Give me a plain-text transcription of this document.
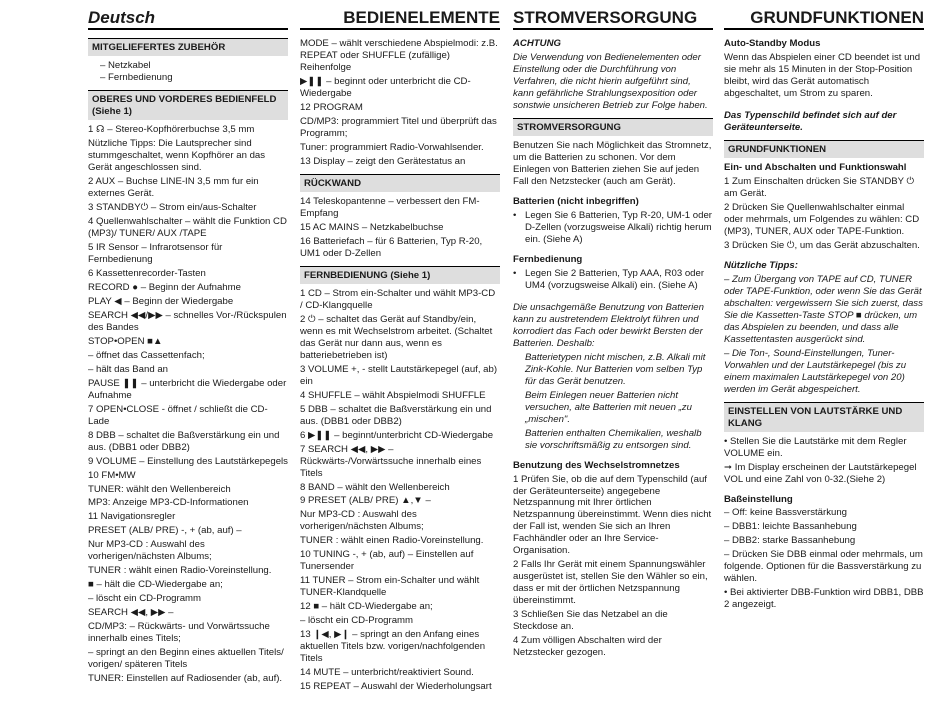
Deutsch
MITGELIEFERTES ZUBEHÖR
– Netzkabel
– Fernbedienung
OBERES UND VORDERES BEDIENFELD (Siehe 1)
1 ☊ – Stereo-Kopfhörerbuchse 3,5 mm
Nützliche Tipps: Die Lautsprecher sind stummgeschaltet, wenn Kopfhörer an das Gerät angeschlossen sind.
2 AUX – Buchse LINE-IN 3,5 mm fur ein externes Gerät.
3 STANDBY⏻ – Strom ein/aus-Schalter
4 Quellenwahlschalter – wählt die Funktion CD (MP3)/ TUNER/ AUX /TAPE
5 IR Sensor – Infrarotsensor für Fernbedienung
6 Kassettenrecorder-Tasten
RECORD ● – Beginn der Aufnahme
PLAY ◀ – Beginn der Wiedergabe
SEARCH ◀◀/▶▶ – schnelles Vor-/Rückspulen des Bandes
STOP•OPEN ■▲
– öffnet das Cassettenfach;
– hält das Band an
PAUSE ❚❚ – unterbricht die Wiedergabe oder Aufnahme
7 OPEN•CLOSE - öffnet / schließt die CD-Lade
8 DBB – schaltet die Baßverstärkung ein und aus. (DBB1 oder DBB2)
9 VOLUME – Einstellung des Lautstärkepegels
10 FM•MW
TUNER: wählt den Wellenbereich
MP3: Anzeige MP3-CD-Informationen
11 Navigationsregler
PRESET (ALB/ PRE) -, + (ab, auf) –
Nur MP3-CD : Auswahl des vorherigen/nächsten Albums;
TUNER : wählt einen Radio-Voreinstellung.
■ – hält die CD-Wiedergabe an;
– löscht ein CD-Programm
SEARCH ◀◀, ▶▶ –
CD/MP3: – Rückwärts- und Vorwärtssuche innerhalb eines Titels;
– springt an den Beginn eines aktuellen Titels/ vorigen/ späteren Titels
TUNER: Einstellen auf Radiosender (ab, auf).
BEDIENELEMENTE
MODE – wählt verschiedene Abspielmodi: z.B. REPEAT oder SHUFFLE (zufällige) Reihenfolge
▶❚❚ – beginnt oder unterbricht die CD-Wiedergabe
12 PROGRAM
CD/MP3: programmiert Titel und überprüft das Programm;
Tuner: programmiert Radio-Vorwahlsender.
13 Display – zeigt den Gerätestatus an
RÜCKWAND
14 Teleskopantenne – verbessert den FM-Empfang
15 AC MAINS – Netzkabelbuchse
16 Batteriefach – für 6 Batterien, Typ R-20, UM1 oder D-Zellen
FERNBEDIENUNG (Siehe 1)
1 CD – Strom ein-Schalter und wählt MP3-CD / CD-Klangquelle
2 ⏻ – schaltet das Gerät auf Standby/ein, wenn es mit Wechselstrom arbeitet. (Schaltet das Gerät nur dann aus, wenn es batteriebetrieben ist)
3 VOLUME +, - stellt Lautstärkepegel (auf, ab) ein
4 SHUFFLE – wählt Abspielmodi SHUFFLE
5 DBB – schaltet die Baßverstärkung ein und aus. (DBB1 oder DBB2)
6 ▶❚❚ – beginnt/unterbricht CD-Wiedergabe
7 SEARCH ◀◀, ▶▶ – Rückwärts-/Vorwärtssuche innerhalb eines Titels
8 BAND – wählt den Wellenbereich
9 PRESET (ALB/ PRE) ▲,▼ –
Nur MP3-CD : Auswahl des vorherigen/nächsten Albums;
TUNER : wählt einen Radio-Voreinstellung.
10 TUNING -, + (ab, auf) – Einstellen auf Tunersender
11 TUNER – Strom ein-Schalter und wählt TUNER-Klandquelle
12 ■ – hält CD-Wiedergabe an;
– löscht ein CD-Programm
13 ❙◀, ▶❙ – springt an den Anfang eines aktuellen Titels bzw. vorigen/nachfolgenden Titels
14 MUTE – unterbricht/reaktiviert Sound.
15 REPEAT – Auswahl der Wiederholungsart
STROMVERSORGUNG
ACHTUNG
Die Verwendung von Bedienelementen oder Einstellung oder die Durchführung von Verfahren, die nicht hierin aufgeführt sind, kann gefährliche Strahlungsexposition oder sonstwie unsicheren Betrieb zur Folge haben.
STROMVERSORGUNG
Benutzen Sie nach Möglichkeit das Stromnetz, um die Batterien zu schonen. Vor dem Einlegen von Batterien ziehen Sie auf jeden Fall den Netzstecker (auch am Gerät).
Batterien (nicht inbegriffen)
• Legen Sie 6 Batterien, Typ R-20, UM-1 oder D-Zellen (vorzugsweise Alkali) richtig herum ein. (Siehe A)
Fernbedienung
• Legen Sie 2 Batterien, Typ AAA, R03 oder UM4 (vorzugsweise Alkali) ein. (Siehe A)
Die unsachgemäße Benutzung von Batterien kann zu austretendem Elektrolyt führen und korrodiert das Fach oder bewirkt Bersten der Batterien. Deshalb:
Batterietypen nicht mischen, z.B. Alkali mit Zink-Kohle. Nur Batterien vom selben Typ für das Gerät benutzen.
Beim Einlegen neuer Batterien nicht versuchen, alte Batterien mit neuen „zu „mischen".
Batterien enthalten Chemikalien, weshalb sie vorschriftsmäßig zu entsorgen sind.
Benutzung des Wechselstromnetzes
1 Prüfen Sie, ob die auf dem Typenschild (auf der Geräteunterseite) angegebene Netzspannung mit Ihrer örtlichen Netzspannung übereinstimmt. Wenn dies nicht der Fall ist, wenden Sie sich an Ihren Fachhändler oder an Ihre Service-Organisation.
2 Falls Ihr Gerät mit einem Spannungswähler ausgerüstet ist, stellen Sie den Wähler so ein, dass er mit der örtlichen Netzspannung übereinstimmt.
3 Schließen Sie das Netzabel an die Steckdose an.
4 Zum völligen Abschalten wird der Netzstecker gezogen.
GRUNDFUNKTIONEN
Auto-Standby Modus
Wenn das Abspielen einer CD beendet ist und sie mehr als 15 Minuten in der Stop-Position bleibt, wird das Gerät automatisch abgeschaltet, um Strom zu sparen.
Das Typenschild befindet sich auf der Geräteunterseite.
GRUNDFUNKTIONEN
Ein- und Abschalten und Funktionswahl
1 Zum Einschalten drücken Sie STANDBY ⏻ am Gerät.
2 Drücken Sie Quellenwahlschalter einmal oder mehrmals, um Folgendes zu wählen: CD (MP3), TUNER, AUX oder TAPE-Funktion.
3 Drücken Sie ⏻, um das Gerät abzuschalten.
Nützliche Tipps:
– Zum Übergang von TAPE auf CD, TUNER oder TAPE-Funktion, oder wenn Sie das Gerät abschalten: vergewissern Sie sich zuerst, dass Sie die Kassetten-Taste STOP ■ drücken, um das Abspielen zu beenden, und dass alle Kassettentasten ausgerückt sind.
– Die Ton-, Sound-Einstellungen, Tuner-Vorwahlen und der Lautstärkepegel (bis zu einem maximalen Lautstärkepegel von 20) werden im Gerät abgespeichert.
EINSTELLEN VON LAUTSTÄRKE UND KLANG
• Stellen Sie die Lautstärke mit dem Regler VOLUME ein.
➞ Im Display erscheinen der Lautstärkepegel VOL und eine Zahl von 0-32.(Siehe 2)
Baßeinstellung
– Off: keine Bassverstärkung
– DBB1: leichte Bassanhebung
– DBB2: starke Bassanhebung
– Drücken Sie DBB einmal oder mehrmals, um folgende. Optionen für die Bassverstärkung zu wählen.
• Bei aktivierter DBB-Funktion wird DBB1, DBB 2 angezeigt.
